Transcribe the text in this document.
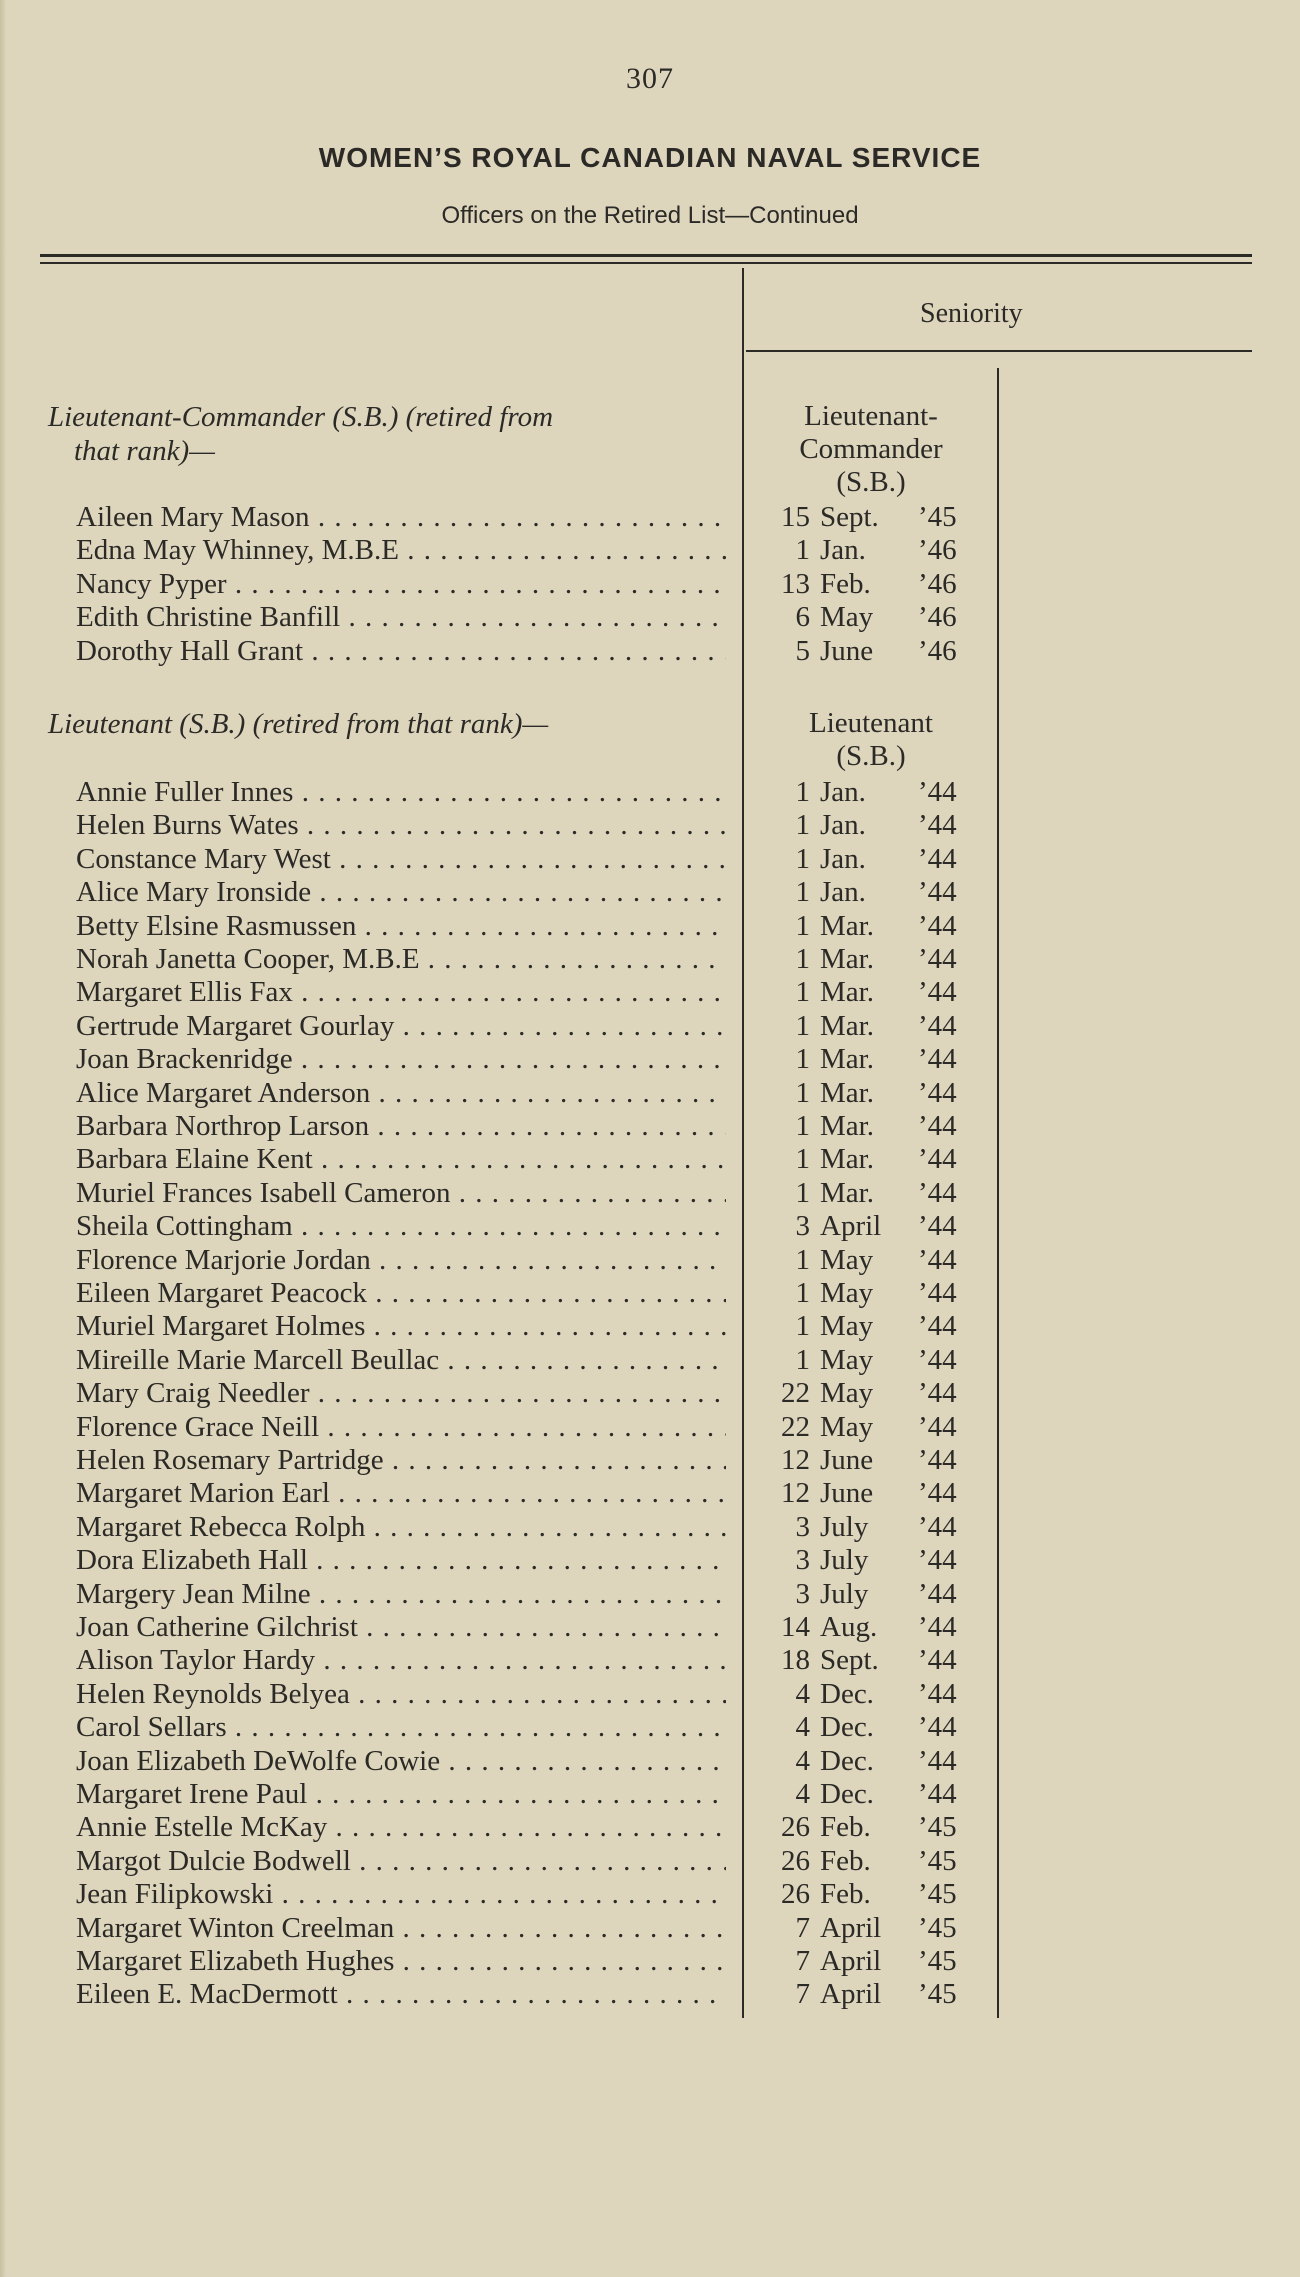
307
WOMEN’S ROYAL CANADIAN NAVAL SERVICE
Officers on the Retired List—Continued
Seniority
Lieutenant-Commander (S.B.) (retired from
that rank)—
Lieutenant-
Commander
(S.B.)
Aileen Mary Mason . . .	15 Sept.	’45
Edna May Whinney, M.B.E . . .	1 Jan.	’46
Nancy Pyper . . .	13 Feb.	’46
Edith Christine Banfill . . .	6 May	’46
Dorothy Hall Grant . . .	5 June	’46
Lieutenant (S.B.) (retired from that rank)—	Lieutenant
(S.B.)
Annie Fuller Innes . . .	1 Jan.	’44
Helen Burns Wates . . .	1 Jan.	’44
Constance Mary West . . .	1 Jan.	’44
Alice Mary Ironside . . .	1 Jan.	’44
Betty Elsine Rasmussen . . .	1 Mar.	’44
Norah Janetta Cooper, M.B.E . . .	1 Mar.	’44
Margaret Ellis Fax . . .	1 Mar.	’44
Gertrude Margaret Gourlay . . .	1 Mar.	’44
Joan Brackenridge . . .	1 Mar.	’44
Alice Margaret Anderson . . .	1 Mar.	’44
Barbara Northrop Larson . . .	1 Mar.	’44
Barbara Elaine Kent . . .	1 Mar.	’44
Muriel Frances Isabell Cameron . . .	1 Mar.	’44
Sheila Cottingham . . .	3 April	’44
Florence Marjorie Jordan . . .	1 May	’44
Eileen Margaret Peacock . . .	1 May	’44
Muriel Margaret Holmes . . .	1 May	’44
Mireille Marie Marcell Beullac . . .	1 May	’44
Mary Craig Needler . . .	22 May	’44
Florence Grace Neill . . .	22 May	’44
Helen Rosemary Partridge . . .	12 June	’44
Margaret Marion Earl . . .	12 June	’44
Margaret Rebecca Rolph . . .	3 July	’44
Dora Elizabeth Hall . . .	3 July	’44
Margery Jean Milne . . .	3 July	’44
Joan Catherine Gilchrist . . .	14 Aug.	’44
Alison Taylor Hardy . . .	18 Sept.	’44
Helen Reynolds Belyea . . .	4 Dec.	’44
Carol Sellars . . .	4 Dec.	’44
Joan Elizabeth DeWolfe Cowie . . .	4 Dec.	’44
Margaret Irene Paul . . .	4 Dec.	’44
Annie Estelle McKay . . .	26 Feb.	’45
Margot Dulcie Bodwell . . .	26 Feb.	’45
Jean Filipkowski . . .	26 Feb.	’45
Margaret Winton Creelman . . .	7 April	’45
Margaret Elizabeth Hughes . . .	7 April	’45
Eileen E. MacDermott . . .	7 April	’45
